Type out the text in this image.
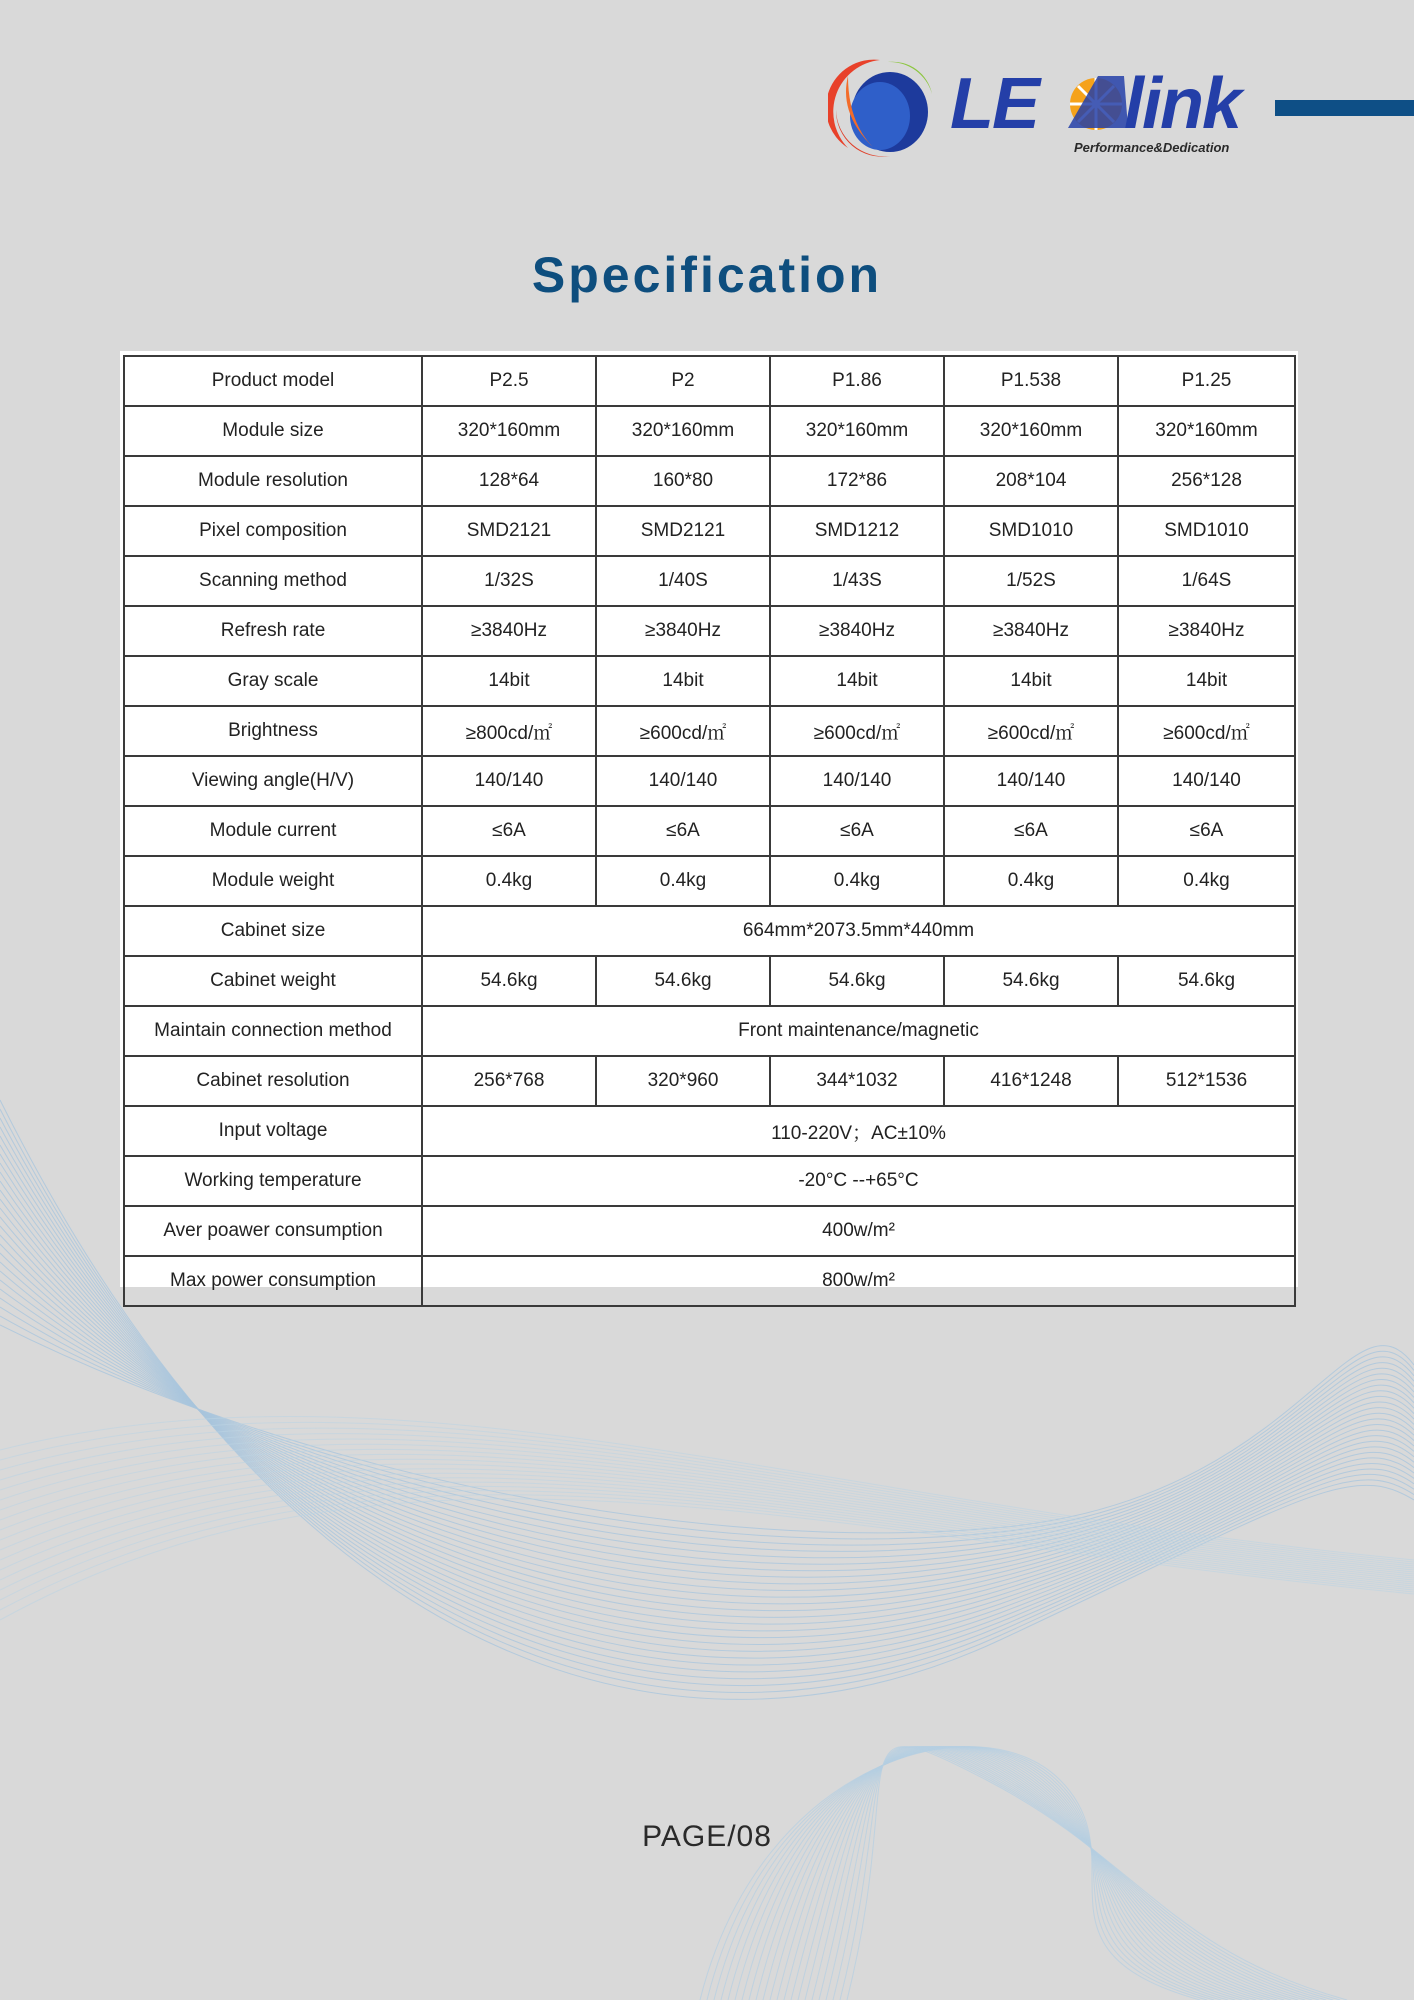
LE link
Performance&Dedication
Specification
Product model	P2.5	P2	P1.86	P1.538	P1.25
Module size	320*160mm	320*160mm	320*160mm	320*160mm	320*160mm
Module resolution	128*64	160*80	172*86	208*104	256*128
Pixel composition	SMD2121	SMD2121	SMD1212	SMD1010	SMD1010
Scanning method	1/32S	1/40S	1/43S	1/52S	1/64S
Refresh rate	≥3840Hz	≥3840Hz	≥3840Hz	≥3840Hz	≥3840Hz
Gray scale	14bit	14bit	14bit	14bit	14bit
Brightness	≥800cd/㎡	≥600cd/㎡	≥600cd/㎡	≥600cd/㎡	≥600cd/㎡
Viewing angle(H/V)	140/140	140/140	140/140	140/140	140/140
Module current	≤6A	≤6A	≤6A	≤6A	≤6A
Module weight	0.4kg	0.4kg	0.4kg	0.4kg	0.4kg
Cabinet size	664mm*2073.5mm*440mm				
Cabinet weight	54.6kg	54.6kg	54.6kg	54.6kg	54.6kg
Maintain connection method	Front maintenance/magnetic				
Cabinet resolution	256*768	320*960	344*1032	416*1248	512*1536
Input voltage	110-220V；AC±10%				
Working temperature	-20°C --+65°C				
Aver poawer consumption	400w/m²				
Max power consumption	800w/m²				
PAGE/08
